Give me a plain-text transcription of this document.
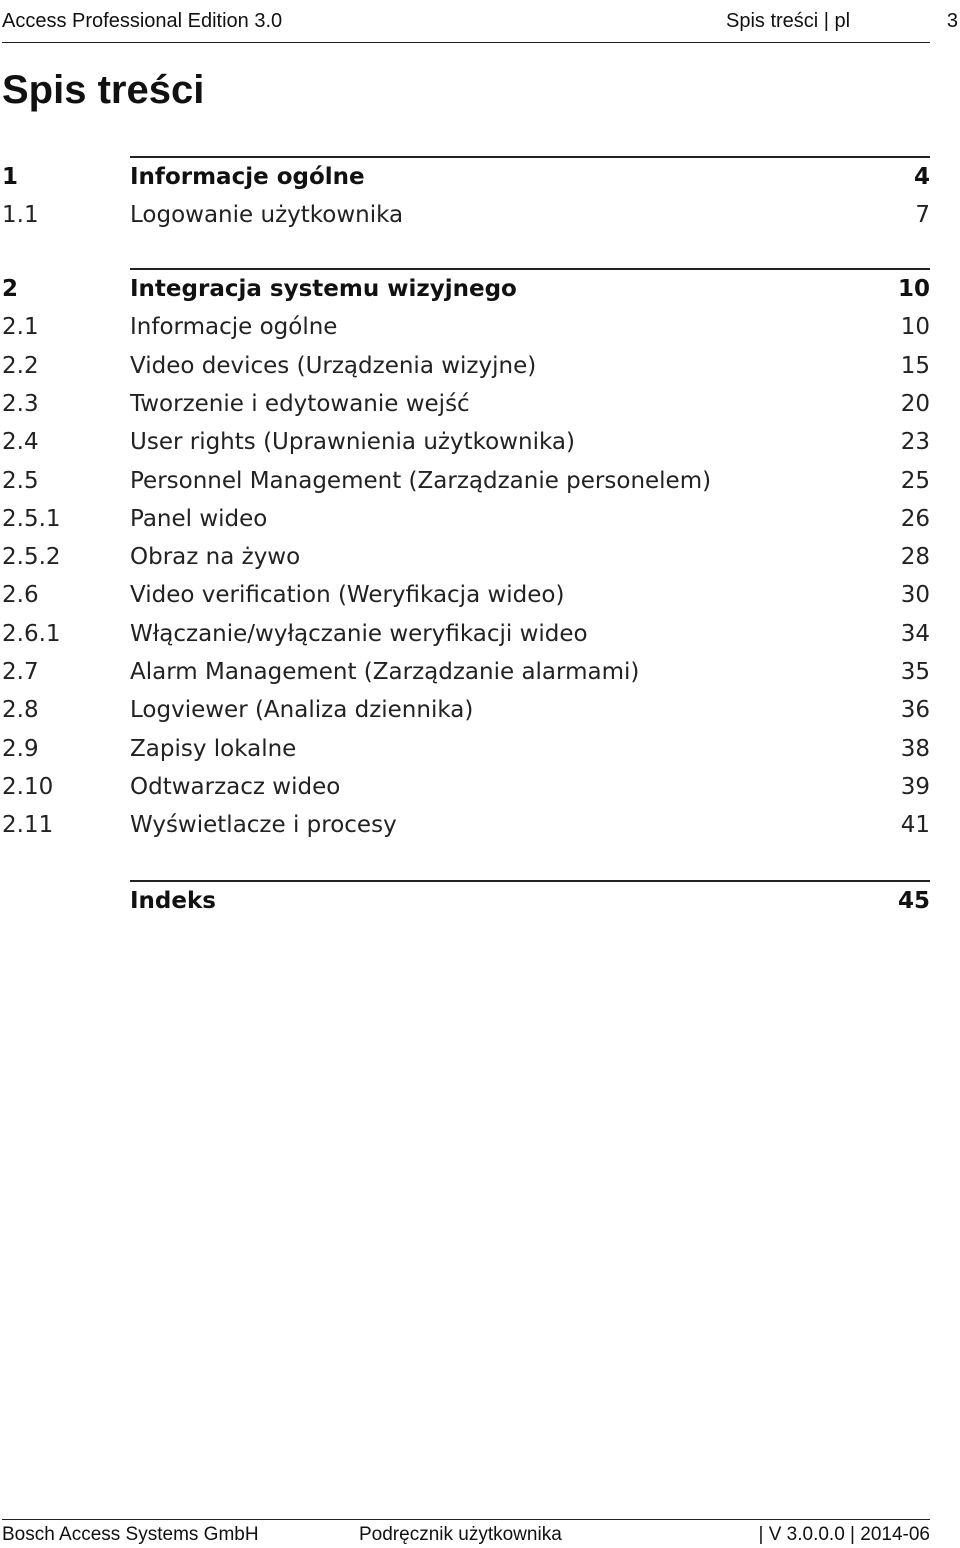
Access Professional Edition 3.0	Spis treści | pl	3
Spis treści
1	Informacje ogólne	4
1.1	Logowanie użytkownika	7
2	Integracja systemu wizyjnego	10
2.1	Informacje ogólne	10
2.2	Video devices (Urządzenia wizyjne)	15
2.3	Tworzenie i edytowanie wejść	20
2.4	User rights (Uprawnienia użytkownika)	23
2.5	Personnel Management (Zarządzanie personelem)	25
2.5.1	Panel wideo	26
2.5.2	Obraz na żywo	28
2.6	Video verification (Weryfikacja wideo)	30
2.6.1	Włączanie/wyłączanie weryfikacji wideo	34
2.7	Alarm Management (Zarządzanie alarmami)	35
2.8	Logviewer (Analiza dziennika)	36
2.9	Zapisy lokalne	38
2.10	Odtwarzacz wideo	39
2.11	Wyświetlacze i procesy	41
Indeks	45
Bosch Access Systems GmbH	Podręcznik użytkownika	| V 3.0.0.0 | 2014-06
